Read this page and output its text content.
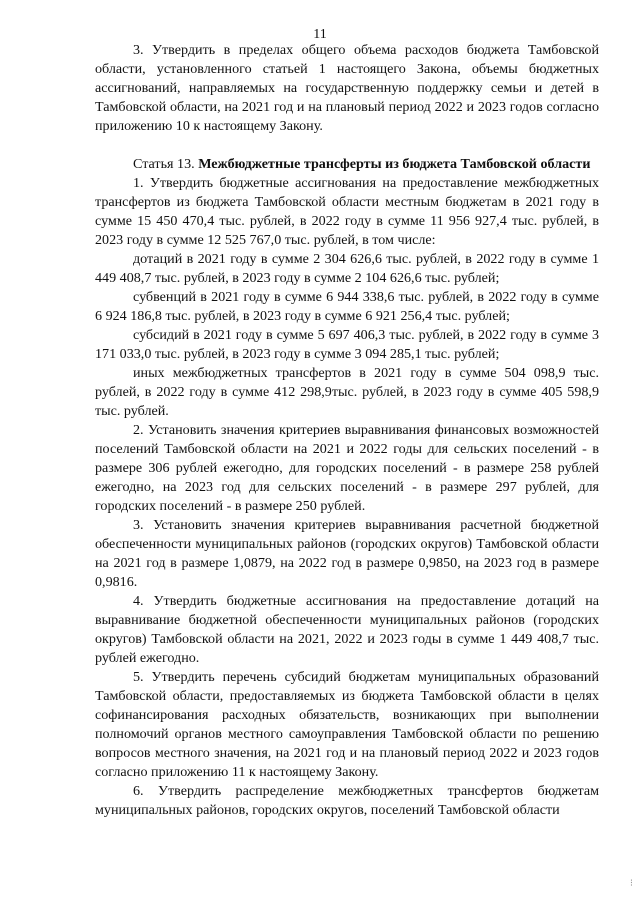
11

3. Утвердить в пределах общего объема расходов бюджета Тамбовской области, установленного статьей 1 настоящего Закона, объемы бюджетных ассигнований, направляемых на государственную поддержку семьи и детей в Тамбовской области, на 2021 год и на плановый период 2022 и 2023 годов согласно приложению 10 к настоящему Закону.

Статья 13. Межбюджетные трансферты из бюджета Тамбовской области

1. Утвердить бюджетные ассигнования на предоставление межбюджетных трансфертов из бюджета Тамбовской области местным бюджетам в 2021 году в сумме 15 450 470,4 тыс. рублей, в 2022 году в сумме 11 956 927,4 тыс. рублей, в 2023 году в сумме 12 525 767,0 тыс. рублей, в том числе:

дотаций в 2021 году в сумме 2 304 626,6 тыс. рублей, в 2022 году в сумме 1 449 408,7 тыс. рублей, в 2023 году в сумме 2 104 626,6 тыс. рублей;

субвенций в 2021 году в сумме 6 944 338,6 тыс. рублей, в 2022 году в сумме 6 924 186,8 тыс. рублей, в 2023 году в сумме 6 921 256,4 тыс. рублей;

субсидий в 2021 году в сумме 5 697 406,3 тыс. рублей, в 2022 году в сумме 3 171 033,0 тыс. рублей, в 2023 году в сумме 3 094 285,1 тыс. рублей;

иных межбюджетных трансфертов в 2021 году в сумме 504 098,9 тыс. рублей, в 2022 году в сумме 412 298,9тыс. рублей, в 2023 году в сумме 405 598,9 тыс. рублей.

2. Установить значения критериев выравнивания финансовых возможностей поселений Тамбовской области на 2021 и 2022 годы для сельских поселений - в размере 306 рублей ежегодно, для городских поселений - в размере 258 рублей ежегодно, на 2023 год для сельских поселений - в размере 297 рублей, для городских поселений - в размере 250 рублей.

3. Установить значения критериев выравнивания расчетной бюджетной обеспеченности муниципальных районов (городских округов) Тамбовской области на 2021 год в размере 1,0879, на 2022 год в размере 0,9850, на 2023 год в размере 0,9816.

4. Утвердить бюджетные ассигнования на предоставление дотаций на выравнивание бюджетной обеспеченности муниципальных районов (городских округов) Тамбовской области на 2021, 2022 и 2023 годы в сумме 1 449 408,7 тыс. рублей ежегодно.

5. Утвердить перечень субсидий бюджетам муниципальных образований Тамбовской области, предоставляемых из бюджета Тамбовской области в целях софинансирования расходных обязательств, возникающих при выполнении полномочий органов местного самоуправления Тамбовской области по решению вопросов местного значения, на 2021 год и на плановый период 2022 и 2023 годов согласно приложению 11 к настоящему Закону.

6. Утвердить распределение межбюджетных трансфертов бюджетам муниципальных районов, городских округов, поселений Тамбовской области

⁝
